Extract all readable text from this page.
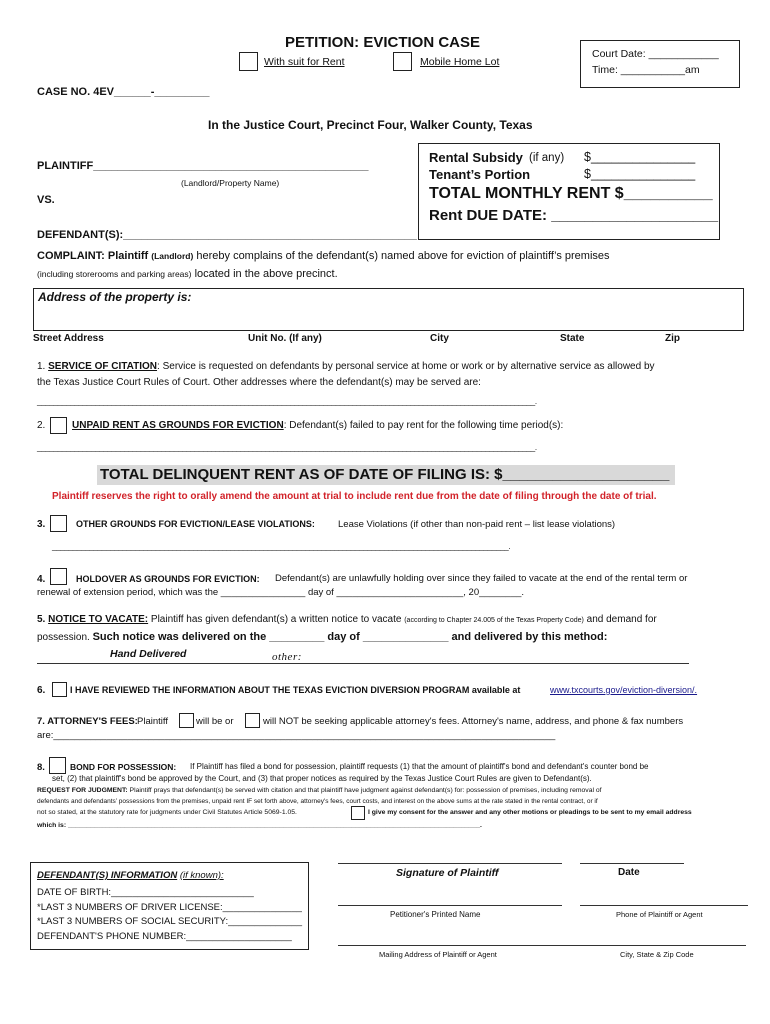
PETITION: EVICTION CASE
With suit for Rent	Mobile Home Lot
Court Date: ____________
Time: ___________am
CASE NO. 4EV______-_________
In the Justice Court, Precinct Four, Walker County, Texas
PLAINTIFF_____________________________________________
(Landlord/Property Name)
VS.
DEFENDANT(S):________________________________________________
Rental Subsidy (if any) $_______________
Tenant’s Portion	$_______________
TOTAL MONTHLY RENT $__________
Rent DUE DATE: ____________________
COMPLAINT: Plaintiff (Landlord) hereby complains of the defendant(s) named above for eviction of plaintiff’s premises
(including storerooms and parking areas) located in the above precinct.
Address of the property is:
Street Address	Unit No. (If any)	City	State	Zip
1. SERVICE OF CITATION: Service is requested on defendants by personal service at home or work or by alternative service as allowed by
the Texas Justice Court Rules of Court. Other addresses where the defendant(s) may be served are:
________________________________________________________________________________________________________________________.
2.	UNPAID RENT AS GROUNDS FOR EVICTION: Defendant(s) failed to pay rent for the following time period(s):
________________________________________________________________________________________________________________________.
TOTAL DELINQUENT RENT AS OF DATE OF FILING IS: $____________________
Plaintiff reserves the right to orally amend the amount at trial to include rent due from the date of filing through the date of trial.
3.	OTHER GROUNDS FOR EVICTION/LEASE VIOLATIONS: Lease Violations (if other than non-paid rent – list lease violations)
______________________________________________________________________________________________________________.
4.	HOLDOVER AS GROUNDS FOR EVICTION: Defendant(s) are unlawfully holding over since they failed to vacate at the end of the rental term or
renewal of extension period, which was the ________________ day of ________________________, 20________.
5. NOTICE TO VACATE: Plaintiff has given defendant(s) a written notice to vacate (according to Chapter 24.005 of the Texas Property Code) and demand for
possession. Such notice was delivered on the _________ day of ______________ and delivered by this method:
Hand Delivered	other:
6.	I HAVE REVIEWED THE INFORMATION ABOUT THE TEXAS EVICTION DIVERSION PROGRAM available at	www.txcourts.gov/eviction-diversion/.
7. ATTORNEY'S FEES: Plaintiff	will be or	will NOT be seeking applicable attorney's fees. Attorney's name, address, and phone & fax numbers
are:_______________________________________________________________________________________________
8.	BOND FOR POSSESSION: If Plaintiff has filed a bond for possession, plaintiff requests (1) that the amount of plaintiff's bond and defendant's counter bond be
set, (2) that plaintiff's bond be approved by the Court, and (3) that proper notices as required by the Texas Justice Court Rules are given to Defendant(s).
REQUEST FOR JUDGMENT: Plaintiff prays that defendant(s) be served with citation and that plaintiff have judgment against defendant(s) for: possession of premises, including removal of
defendants and defendants’ possessions from the premises, unpaid rent IF set forth above, attorney's fees, court costs, and interest on the above sums at the rate stated in the rental contract, or if
not so stated, at the statutory rate for judgments under Civil Statutes Article 5069-1.05.	I give my consent for the answer and any other motions or pleadings to be sent to my email address
which is: _____________________________________________________________________________________________________________.
DEFENDANT(S) INFORMATION (if known):
DATE OF BIRTH:___________________________
*LAST 3 NUMBERS OF DRIVER LICENSE:_______________
*LAST 3 NUMBERS OF SOCIAL SECURITY:______________
DEFENDANT'S PHONE NUMBER:____________________
Signature of Plaintiff	Date
Petitioner's Printed Name	Phone of Plaintiff or Agent
Mailing Address of Plaintiff or Agent	City, State & Zip Code
